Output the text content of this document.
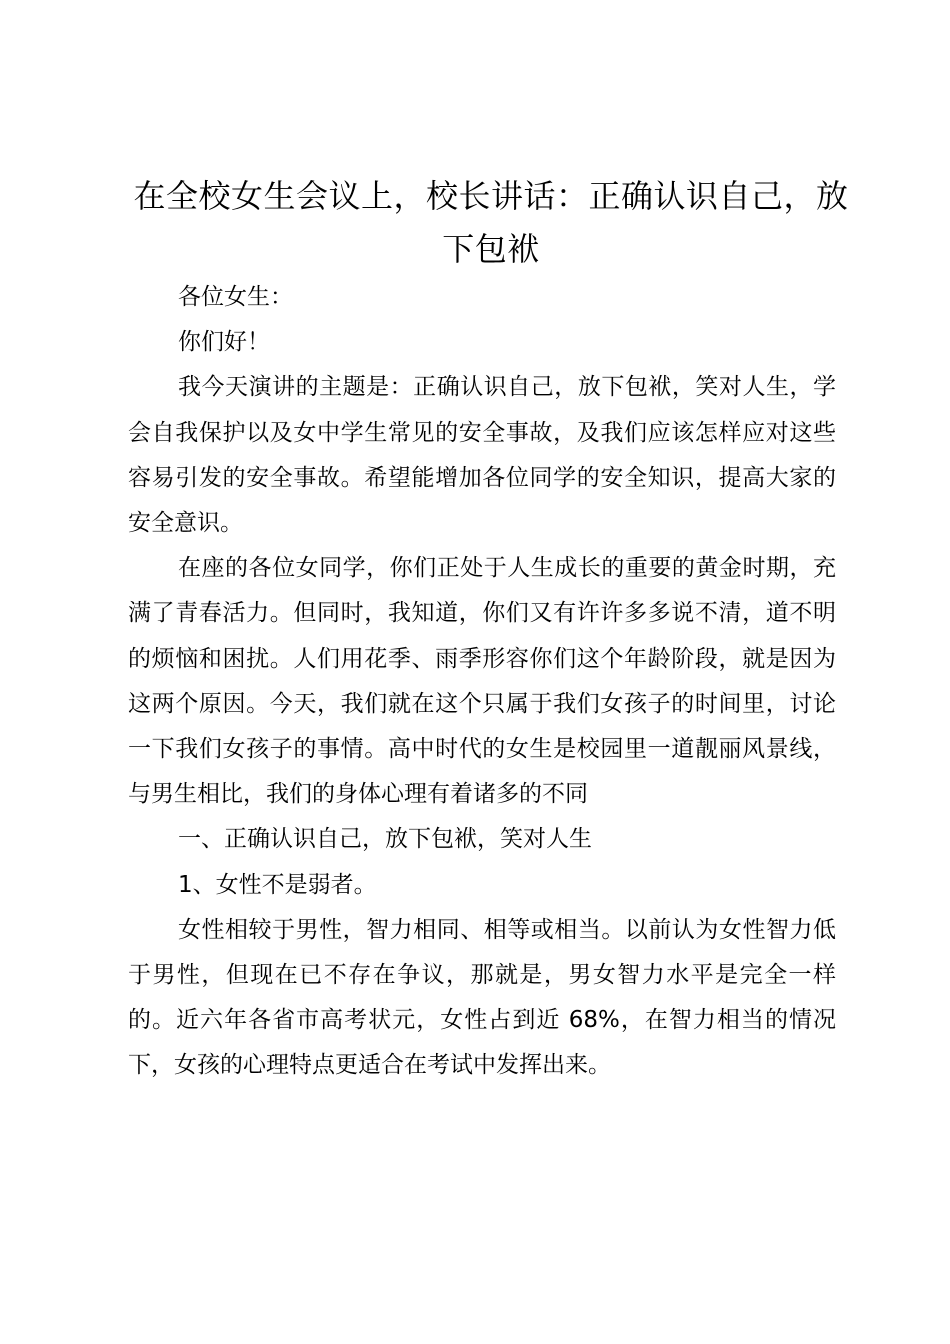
在全校女生会议上，校长讲话：正确认识自己，放下包袱

各位女生：

你们好！

我今天演讲的主题是：正确认识自己，放下包袱，笑对人生，学会自我保护以及女中学生常见的安全事故，及我们应该怎样应对这些容易引发的安全事故。希望能增加各位同学的安全知识，提高大家的安全意识。

在座的各位女同学，你们正处于人生成长的重要的黄金时期，充满了青春活力。但同时，我知道，你们又有许许多多说不清，道不明的烦恼和困扰。人们用花季、雨季形容你们这个年龄阶段，就是因为这两个原因。今天，我们就在这个只属于我们女孩子的时间里，讨论一下我们女孩子的事情。高中时代的女生是校园里一道靓丽风景线，与男生相比，我们的身体心理有着诸多的不同

一、正确认识自己，放下包袱，笑对人生

1、女性不是弱者。

女性相较于男性，智力相同、相等或相当。以前认为女性智力低于男性，但现在已不存在争议，那就是，男女智力水平是完全一样的。近六年各省市高考状元，女性占到近 68%，在智力相当的情况下，女孩的心理特点更适合在考试中发挥出来。
